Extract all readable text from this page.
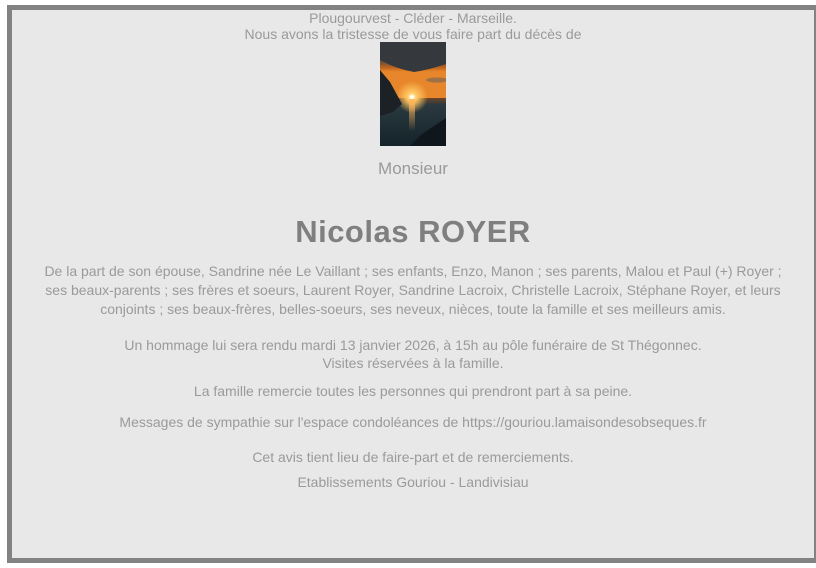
Plougourvest - Cléder - Marseille.

Nous avons la tristesse de vous faire part du décès de

Monsieur

Nicolas ROYER

De la part de son épouse, Sandrine née Le Vaillant ; ses enfants, Enzo, Manon ; ses parents, Malou et Paul (+) Royer ; ses beaux-parents ; ses frères et soeurs, Laurent Royer, Sandrine Lacroix, Christelle Lacroix, Stéphane Royer, et leurs conjoints ; ses beaux-frères, belles-soeurs, ses neveux, nièces, toute la famille et ses meilleurs amis.

Un hommage lui sera rendu mardi 13 janvier 2026, à 15h au pôle funéraire de St Thégonnec.
Visites réservées à la famille.

La famille remercie toutes les personnes qui prendront part à sa peine.

Messages de sympathie sur l'espace condoléances de https://gouriou.lamaisondesobseques.fr

Cet avis tient lieu de faire-part et de remerciements.

Etablissements Gouriou - Landivisiau
